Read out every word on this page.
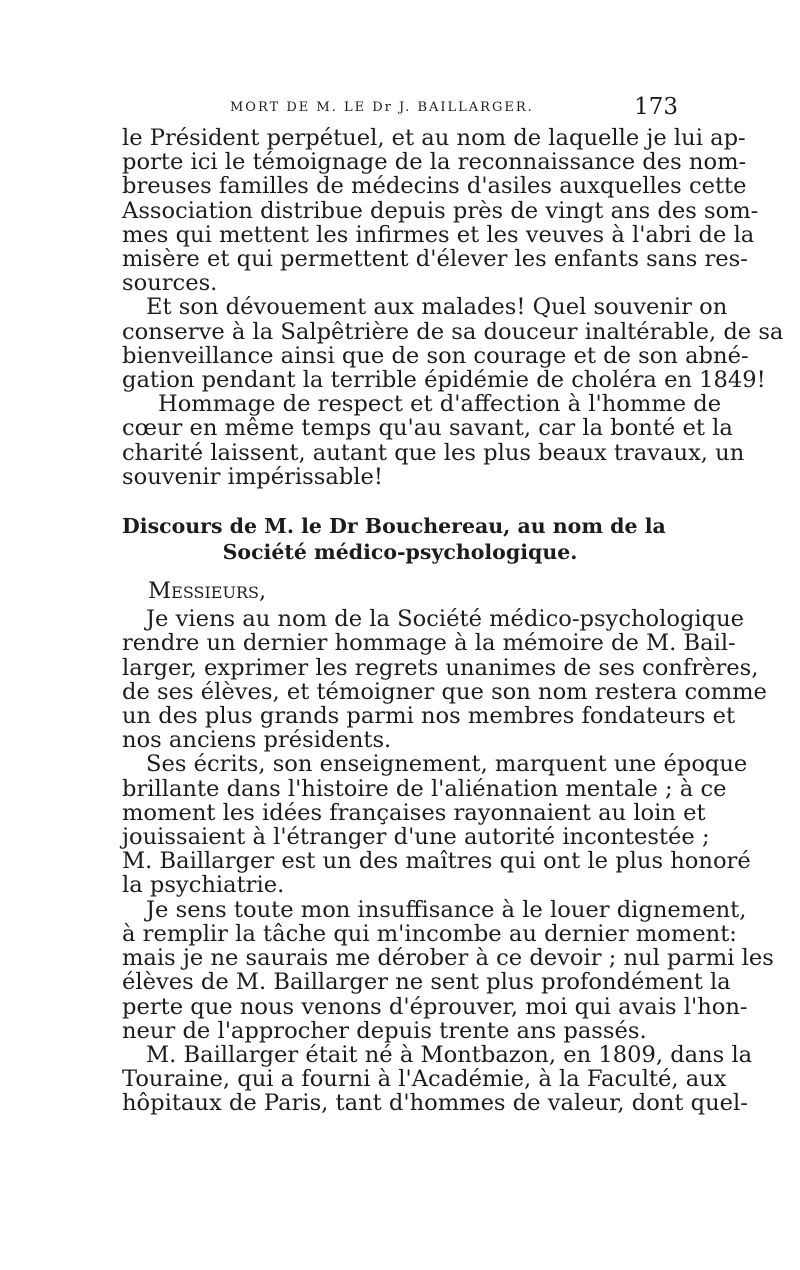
MORT DE M. LE Dr J. BAILLARGER.	173
le Président perpétuel, et au nom de laquelle je lui ap-
porte ici le témoignage de la reconnaissance des nom-
breuses familles de médecins d'asiles auxquelles cette
Association distribue depuis près de vingt ans des som-
mes qui mettent les infirmes et les veuves à l'abri de la
misère et qui permettent d'élever les enfants sans res-
sources.
Et son dévouement aux malades! Quel souvenir on
conserve à la Salpêtrière de sa douceur inaltérable, de sa
bienveillance ainsi que de son courage et de son abné-
gation pendant la terrible épidémie de choléra en 1849!
Hommage de respect et d'affection à l'homme de
cœur en même temps qu'au savant, car la bonté et la
charité laissent, autant que les plus beaux travaux, un
souvenir impérissable!
Discours de M. le Dr Bouchereau, au nom de la
Société médico-psychologique.
Messieurs,
Je viens au nom de la Société médico-psychologique
rendre un dernier hommage à la mémoire de M. Bail-
larger, exprimer les regrets unanimes de ses confrères,
de ses élèves, et témoigner que son nom restera comme
un des plus grands parmi nos membres fondateurs et
nos anciens présidents.
Ses écrits, son enseignement, marquent une époque
brillante dans l'histoire de l'aliénation mentale ; à ce
moment les idées françaises rayonnaient au loin et
jouissaient à l'étranger d'une autorité incontestée ;
M. Baillarger est un des maîtres qui ont le plus honoré
la psychiatrie.
Je sens toute mon insuffisance à le louer dignement,
à remplir la tâche qui m'incombe au dernier moment:
mais je ne saurais me dérober à ce devoir ; nul parmi les
élèves de M. Baillarger ne sent plus profondément la
perte que nous venons d'éprouver, moi qui avais l'hon-
neur de l'approcher depuis trente ans passés.
M. Baillarger était né à Montbazon, en 1809, dans la
Touraine, qui a fourni à l'Académie, à la Faculté, aux
hôpitaux de Paris, tant d'hommes de valeur, dont quel-
